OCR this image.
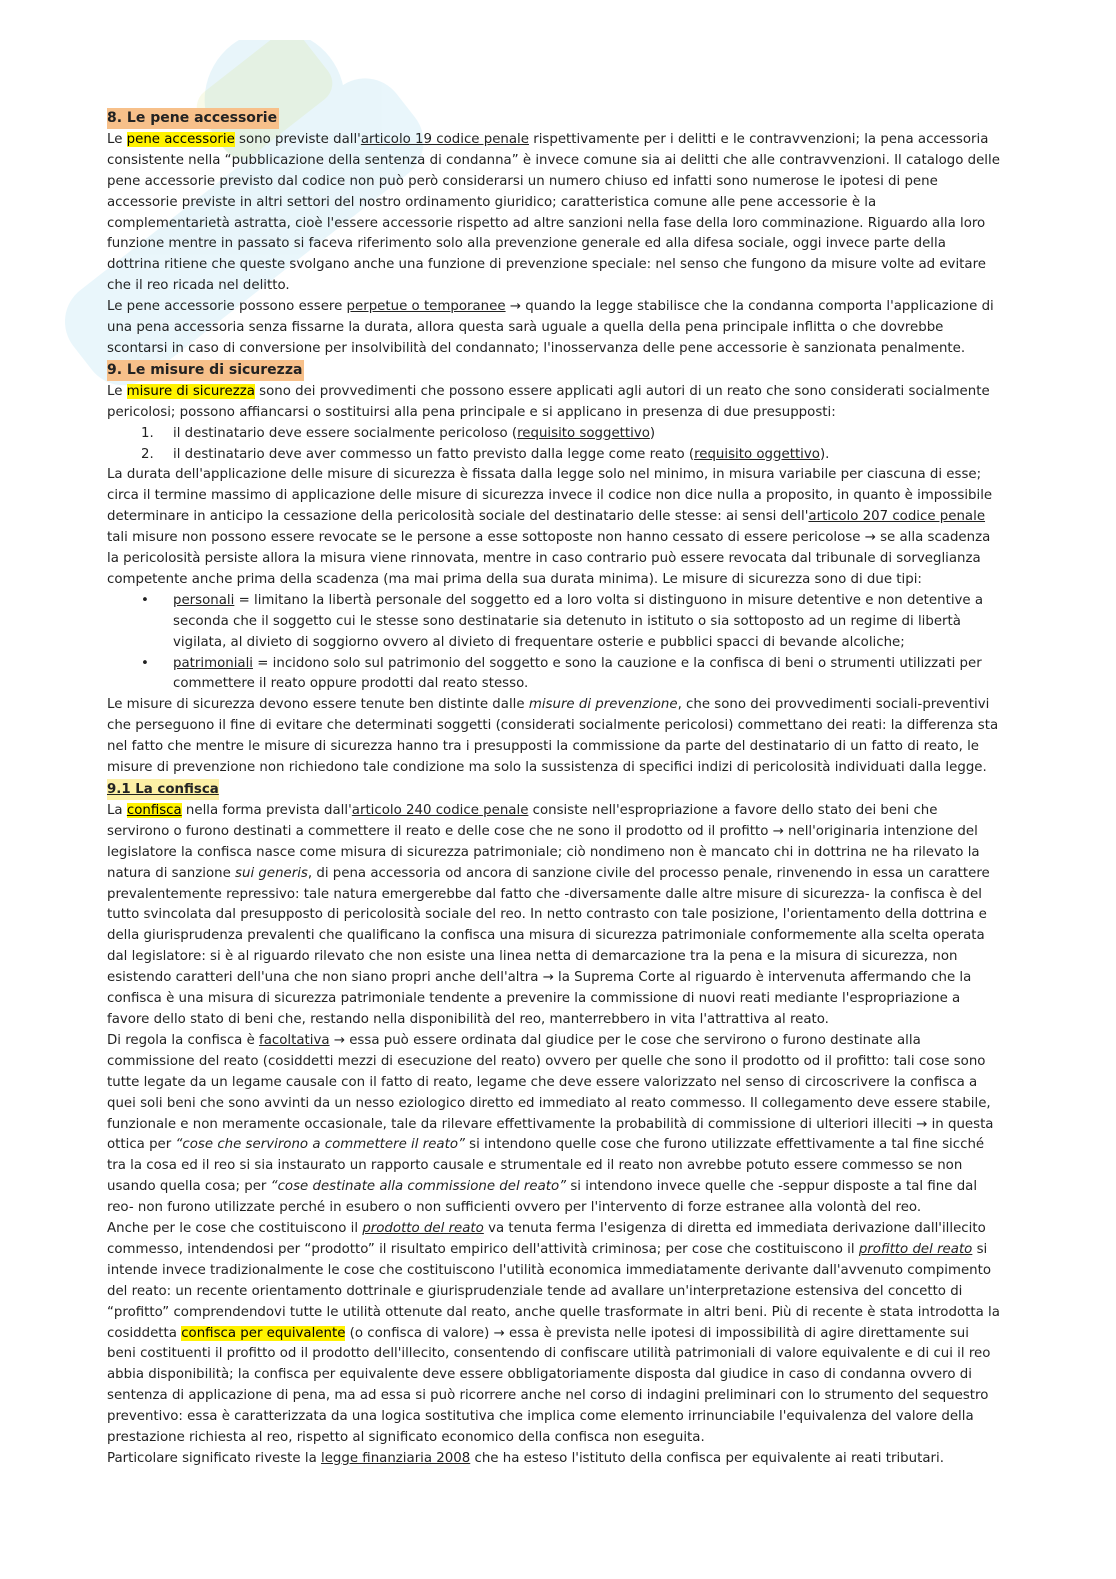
8. Le pene accessorie

Le pene accessorie sono previste dall'articolo 19 codice penale rispettivamente per i delitti e le contravvenzioni; la pena accessoria consistente nella “pubblicazione della sentenza di condanna” è invece comune sia ai delitti che alle contravvenzioni. Il catalogo delle pene accessorie previsto dal codice non può però considerarsi un numero chiuso ed infatti sono numerose le ipotesi di pene accessorie previste in altri settori del nostro ordinamento giuridico; caratteristica comune alle pene accessorie è la complementarietà astratta, cioè l'essere accessorie rispetto ad altre sanzioni nella fase della loro comminazione. Riguardo alla loro funzione mentre in passato si faceva riferimento solo alla prevenzione generale ed alla difesa sociale, oggi invece parte della dottrina ritiene che queste svolgano anche una funzione di prevenzione speciale: nel senso che fungono da misure volte ad evitare che il reo ricada nel delitto.

Le pene accessorie possono essere perpetue o temporanee → quando la legge stabilisce che la condanna comporta l'applicazione di una pena accessoria senza fissarne la durata, allora questa sarà uguale a quella della pena principale inflitta o che dovrebbe scontarsi in caso di conversione per insolvibilità del condannato; l'inosservanza delle pene accessorie è sanzionata penalmente.

9. Le misure di sicurezza

Le misure di sicurezza sono dei provvedimenti che possono essere applicati agli autori di un reato che sono considerati socialmente pericolosi; possono affiancarsi o sostituirsi alla pena principale e si applicano in presenza di due presupposti:

1. il destinatario deve essere socialmente pericoloso (requisito soggettivo)
2. il destinatario deve aver commesso un fatto previsto dalla legge come reato (requisito oggettivo).

La durata dell'applicazione delle misure di sicurezza è fissata dalla legge solo nel minimo, in misura variabile per ciascuna di esse; circa il termine massimo di applicazione delle misure di sicurezza invece il codice non dice nulla a proposito, in quanto è impossibile determinare in anticipo la cessazione della pericolosità sociale del destinatario delle stesse: ai sensi dell'articolo 207 codice penale tali misure non possono essere revocate se le persone a esse sottoposte non hanno cessato di essere pericolose → se alla scadenza la pericolosità persiste allora la misura viene rinnovata, mentre in caso contrario può essere revocata dal tribunale di sorveglianza competente anche prima della scadenza (ma mai prima della sua durata minima). Le misure di sicurezza sono di due tipi:

• personali = limitano la libertà personale del soggetto ed a loro volta si distinguono in misure detentive e non detentive a seconda che il soggetto cui le stesse sono destinatarie sia detenuto in istituto o sia sottoposto ad un regime di libertà vigilata, al divieto di soggiorno ovvero al divieto di frequentare osterie e pubblici spacci di bevande alcoliche;
• patrimoniali = incidono solo sul patrimonio del soggetto e sono la cauzione e la confisca di beni o strumenti utilizzati per commettere il reato oppure prodotti dal reato stesso.

Le misure di sicurezza devono essere tenute ben distinte dalle misure di prevenzione, che sono dei provvedimenti sociali-preventivi che perseguono il fine di evitare che determinati soggetti (considerati socialmente pericolosi) commettano dei reati: la differenza sta nel fatto che mentre le misure di sicurezza hanno tra i presupposti la commissione da parte del destinatario di un fatto di reato, le misure di prevenzione non richiedono tale condizione ma solo la sussistenza di specifici indizi di pericolosità individuati dalla legge.

9.1 La confisca

La confisca nella forma prevista dall'articolo 240 codice penale consiste nell'espropriazione a favore dello stato dei beni che servirono o furono destinati a commettere il reato e delle cose che ne sono il prodotto od il profitto → nell'originaria intenzione del legislatore la confisca nasce come misura di sicurezza patrimoniale; ciò nondimeno non è mancato chi in dottrina ne ha rilevato la natura di sanzione sui generis, di pena accessoria od ancora di sanzione civile del processo penale, rinvenendo in essa un carattere prevalentemente repressivo: tale natura emergerebbe dal fatto che -diversamente dalle altre misure di sicurezza- la confisca è del tutto svincolata dal presupposto di pericolosità sociale del reo. In netto contrasto con tale posizione, l'orientamento della dottrina e della giurisprudenza prevalenti che qualificano la confisca una misura di sicurezza patrimoniale conformemente alla scelta operata dal legislatore: si è al riguardo rilevato che non esiste una linea netta di demarcazione tra la pena e la misura di sicurezza, non esistendo caratteri dell'una che non siano propri anche dell'altra → la Suprema Corte al riguardo è intervenuta affermando che la confisca è una misura di sicurezza patrimoniale tendente a prevenire la commissione di nuovi reati mediante l'espropriazione a favore dello stato di beni che, restando nella disponibilità del reo, manterrebbero in vita l'attrattiva al reato.

Di regola la confisca è facoltativa → essa può essere ordinata dal giudice per le cose che servirono o furono destinate alla commissione del reato (cosiddetti mezzi di esecuzione del reato) ovvero per quelle che sono il prodotto od il profitto: tali cose sono tutte legate da un legame causale con il fatto di reato, legame che deve essere valorizzato nel senso di circoscrivere la confisca a quei soli beni che sono avvinti da un nesso eziologico diretto ed immediato al reato commesso. Il collegamento deve essere stabile, funzionale e non meramente occasionale, tale da rilevare effettivamente la probabilità di commissione di ulteriori illeciti → in questa ottica per “cose che servirono a commettere il reato” si intendono quelle cose che furono utilizzate effettivamente a tal fine sicché tra la cosa ed il reo si sia instaurato un rapporto causale e strumentale ed il reato non avrebbe potuto essere commesso se non usando quella cosa; per “cose destinate alla commissione del reato” si intendono invece quelle che -seppur disposte a tal fine dal reo- non furono utilizzate perché in esubero o non sufficienti ovvero per l'intervento di forze estranee alla volontà del reo.

Anche per le cose che costituiscono il prodotto del reato va tenuta ferma l'esigenza di diretta ed immediata derivazione dall'illecito commesso, intendendosi per “prodotto” il risultato empirico dell'attività criminosa; per cose che costituiscono il profitto del reato si intende invece tradizionalmente le cose che costituiscono l'utilità economica immediatamente derivante dall'avvenuto compimento del reato: un recente orientamento dottrinale e giurisprudenziale tende ad avallare un'interpretazione estensiva del concetto di “profitto” comprendendovi tutte le utilità ottenute dal reato, anche quelle trasformate in altri beni. Più di recente è stata introdotta la cosiddetta confisca per equivalente (o confisca di valore) → essa è prevista nelle ipotesi di impossibilità di agire direttamente sui beni costituenti il profitto od il prodotto dell'illecito, consentendo di confiscare utilità patrimoniali di valore equivalente e di cui il reo abbia disponibilità; la confisca per equivalente deve essere obbligatoriamente disposta dal giudice in caso di condanna ovvero di sentenza di applicazione di pena, ma ad essa si può ricorrere anche nel corso di indagini preliminari con lo strumento del sequestro preventivo: essa è caratterizzata da una logica sostitutiva che implica come elemento irrinunciabile l'equivalenza del valore della prestazione richiesta al reo, rispetto al significato economico della confisca non eseguita.

Particolare significato riveste la legge finanziaria 2008 che ha esteso l'istituto della confisca per equivalente ai reati tributari.
